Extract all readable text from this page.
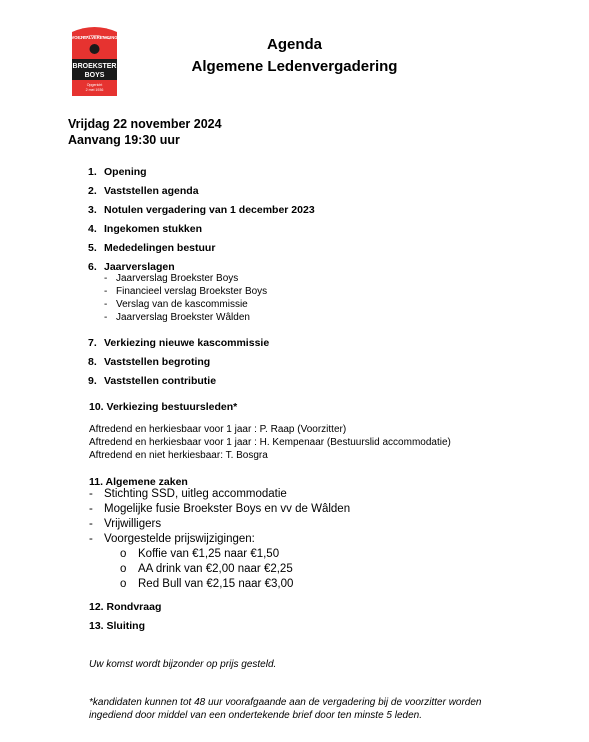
VOETBALVERENIGING
BROEKSTER
BOYS
Opgericht
2 mei 1936
Agenda
Algemene Ledenvergadering
Vrijdag 22 november 2024
Aanvang 19:30 uur
1. Opening
2. Vaststellen agenda
3. Notulen vergadering van 1 december 2023
4. Ingekomen stukken
5. Mededelingen bestuur
6. Jaarverslagen
- Jaarverslag Broekster Boys
- Financieel verslag Broekster Boys
- Verslag van de kascommissie
- Jaarverslag Broekster Wâlden
7. Verkiezing nieuwe kascommissie
8. Vaststellen begroting
9. Vaststellen contributie
10. Verkiezing bestuursleden*
Aftredend en herkiesbaar voor 1 jaar : P. Raap (Voorzitter)
Aftredend en herkiesbaar voor 1 jaar : H. Kempenaar (Bestuurslid accommodatie)
Aftredend en niet herkiesbaar: T. Bosgra
11. Algemene zaken
- Stichting SSD, uitleg accommodatie
- Mogelijke fusie Broekster Boys en vv de Wâlden
- Vrijwilligers
- Voorgestelde prijswijzigingen:
o Koffie van €1,25 naar €1,50
o AA drink van €2,00 naar €2,25
o Red Bull van €2,15 naar €3,00
12. Rondvraag
13. Sluiting
Uw komst wordt bijzonder op prijs gesteld.
*kandidaten kunnen tot 48 uur voorafgaande aan de vergadering bij de voorzitter worden
ingediend door middel van een ondertekende brief door ten minste 5 leden.
